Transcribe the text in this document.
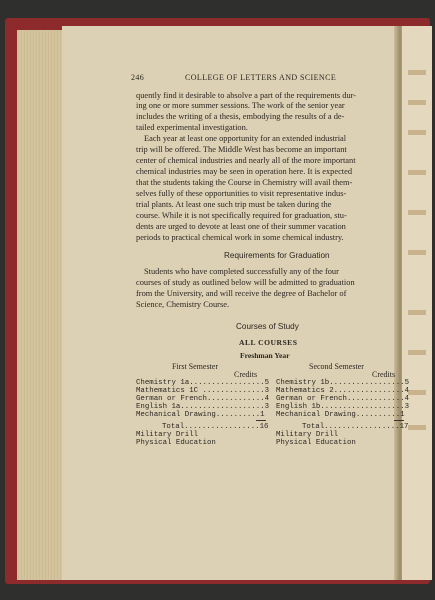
246	COLLEGE OF LETTERS AND SCIENCE
quently find it desirable to absolve a part of the requirements dur-
ing one or more summer sessions. The work of the senior year
includes the writing of a thesis, embodying the results of a de-
tailed experimental investigation.
Each year at least one opportunity for an extended industrial
trip will be offered. The Middle West has become an important
center of chemical industries and nearly all of the more important
chemical industries may be seen in operation here. It is expected
that the students taking the Course in Chemistry will avail them-
selves fully of these opportunities to visit representative indus-
trial plants. At least one such trip must be taken during the
course. While it is not specifically required for graduation, stu-
dents are urged to devote at least one of their summer vacation
periods to practical chemical work in some chemical industry.
Requirements for Graduation
Students who have completed successfully any of the four
courses of study as outlined below will be admitted to graduation
from the University, and will receive the degree of Bachelor of
Science, Chemistry Course.
Courses of Study
ALL COURSES
Freshman Year
First Semester
Credits
Chemistry 1a.................5
Mathematics 1C ..............3
German or French.............4
English 1a...................3
Mechanical Drawing..........1
Total.................16
Military Drill
Physical Education
Second Semester
Credits
Chemistry 1b.................5
Mathematics 2................4
German or French.............4
English 1b...................3
Mechanical Drawing..........1
Total.................17
Military Drill
Physical Education
